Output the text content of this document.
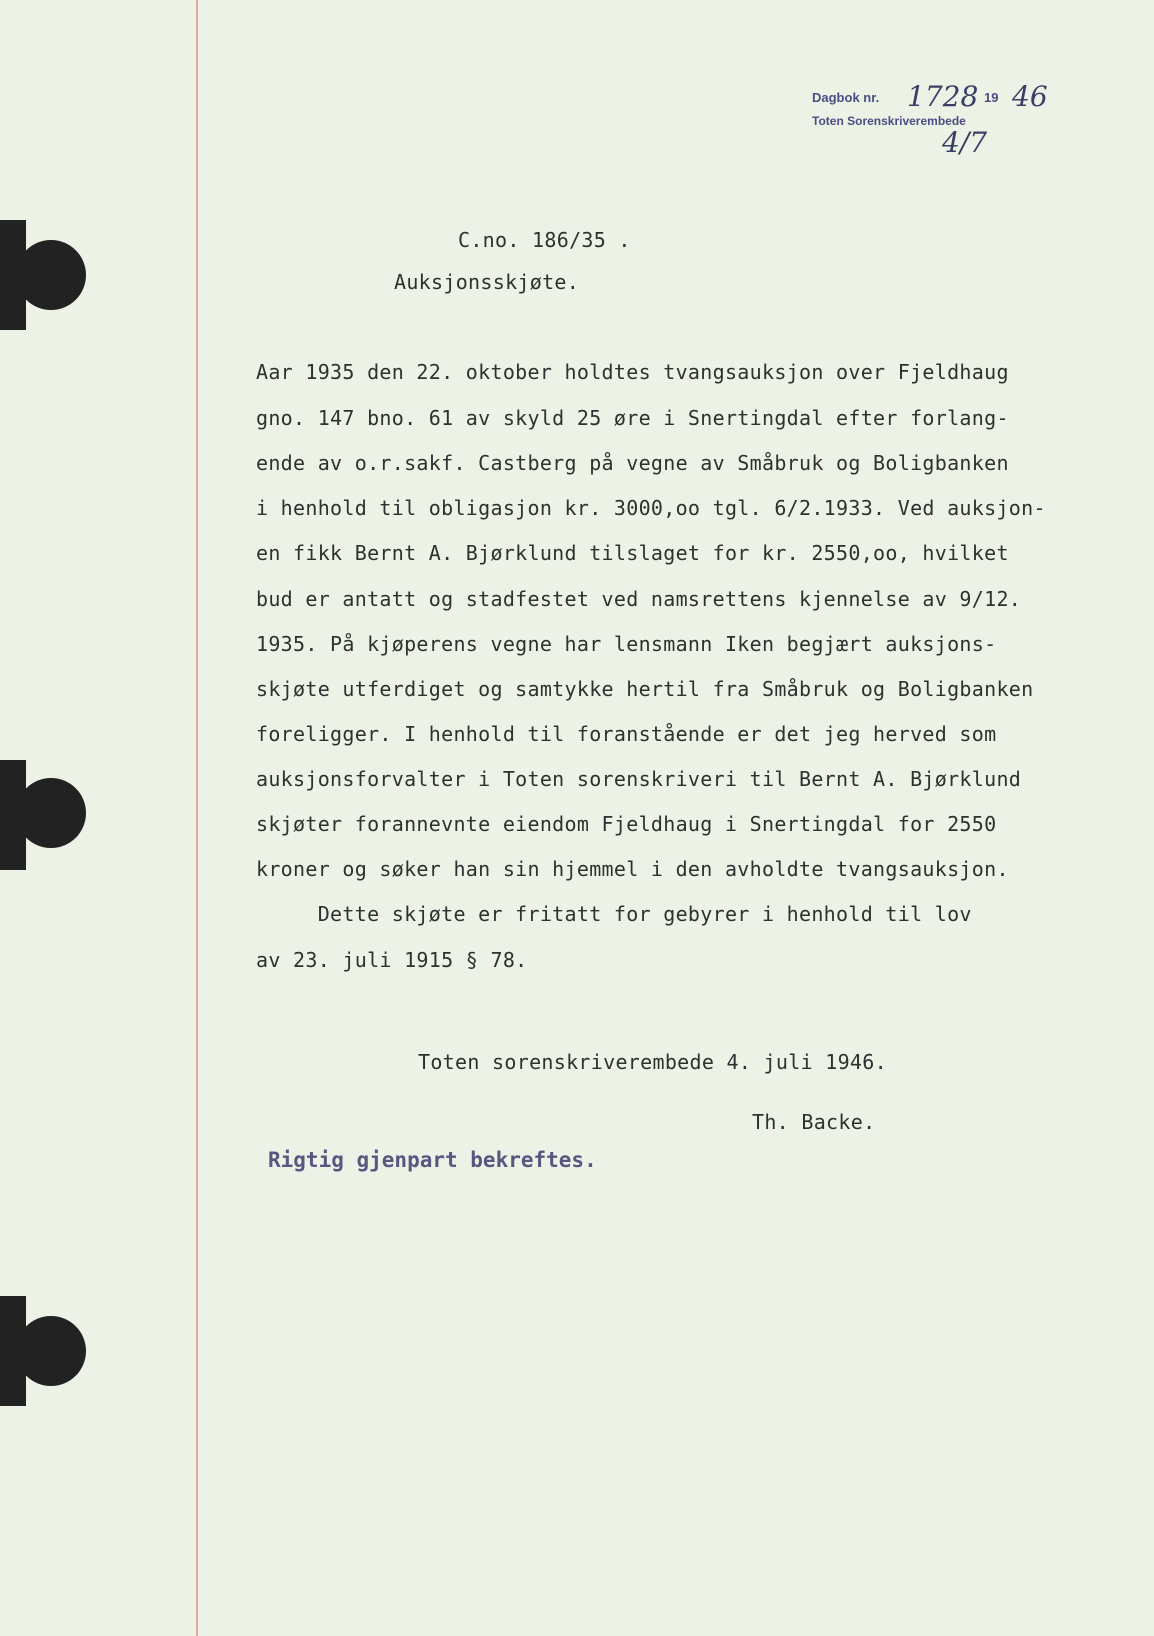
Dagbok nr. 1728 19 46
Toten Sorenskriverembede
4/7
C.no. 186/35 .
Auksjonsskjøte.
Aar 1935 den 22. oktober holdtes tvangsauksjon over Fjeldhaug
gno. 147 bno. 61 av skyld 25 øre i Snertingdal efter forlang-
ende av o.r.sakf. Castberg på vegne av Småbruk og Boligbanken
i henhold til obligasjon kr. 3000,oo tgl. 6/2.1933. Ved auksjon-
en fikk Bernt A. Bjørklund tilslaget for kr. 2550,oo, hvilket
bud er antatt og stadfestet ved namsrettens kjennelse av 9/12.
1935. På kjøperens vegne har lensmann Iken begjært auksjons-
skjøte utferdiget og samtykke hertil fra Småbruk og Boligbanken
foreligger. I henhold til foranstående er det jeg herved som
auksjonsforvalter i Toten sorenskriveri til Bernt A. Bjørklund
skjøter forannevnte eiendom Fjeldhaug i Snertingdal for 2550
kroner og søker han sin hjemmel i den avholdte tvangsauksjon.
Dette skjøte er fritatt for gebyrer i henhold til lov
av 23. juli 1915 § 78.
Toten sorenskriverembede 4. juli 1946.
Th. Backe.
Rigtig gjenpart bekreftes.
